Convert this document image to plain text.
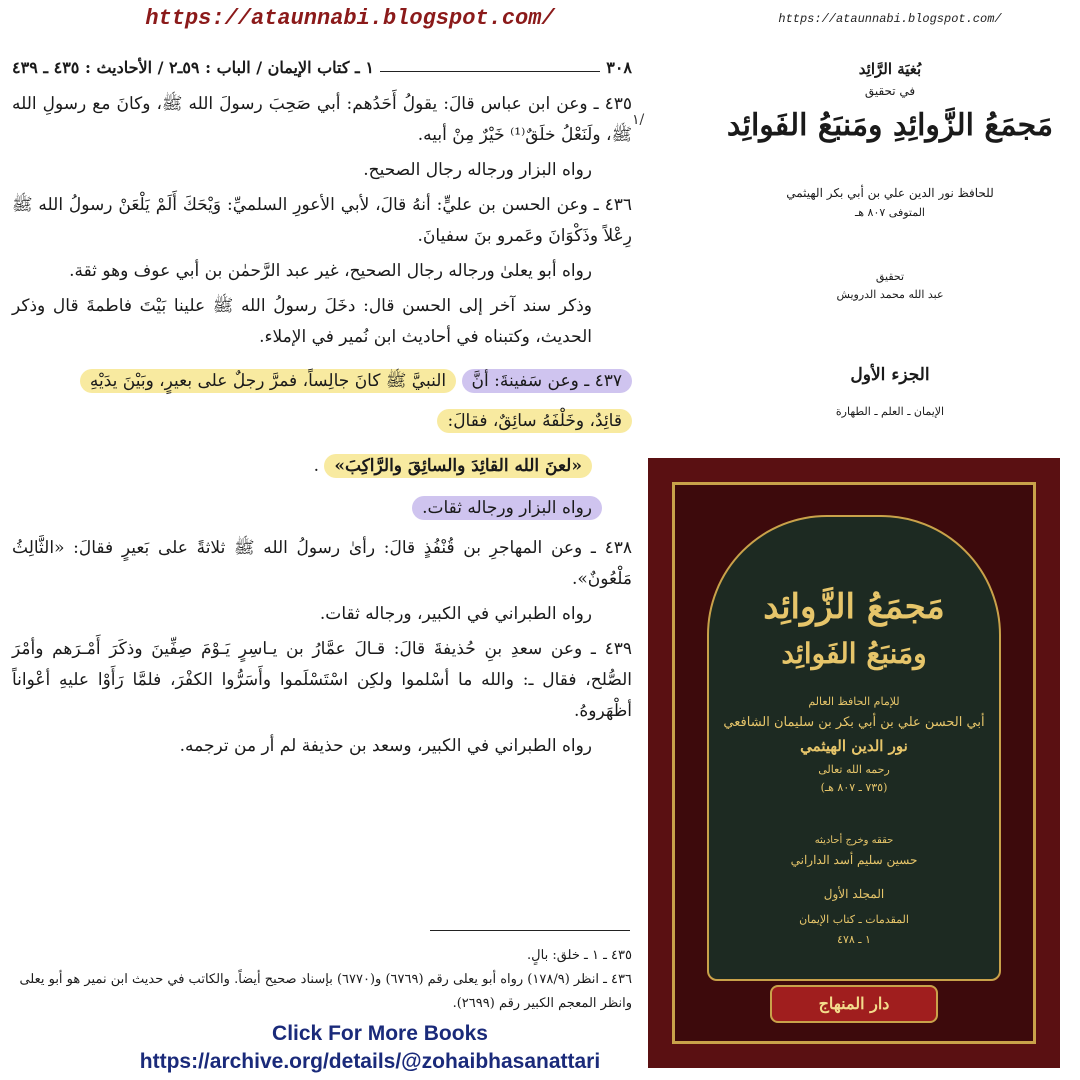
https://ataunnabi.blogspot.com/	https://ataunnabi.blogspot.com/
٣٠٨
١ ـ كتاب الإيمان / الباب : ٥٩ـ٢ / الأحاديث : ٤٣٥ ـ ٤٣٩

٤٣٥ ـ وعن ابن عباس قالَ: يقولُ أَحَدُهم: أبي صَحِبَ رسولَ الله ﷺ، وكانَ مع رسولِ الله ﷺ، ولَنَعْلُ خلَقٌ⁽¹⁾ خَيْرٌ مِنْ أبيه.

رواه البزار ورجاله رجال الصحيح.

٤٣٦ ـ وعن الحسن بن عليٍّ: أنهُ قالَ، لأبي الأعورِ السلميِّ: وَيْحَكَ أَلَمْ يَلْعَنْ رسولُ الله ﷺ رِعْلاً وذَكْوَانَ وعَمرو بنَ سفيانَ.

رواه أبو يعلىٰ ورجاله رجال الصحيح، غير عبد الرَّحمٰن بن أبي عوف وهو ثقة.

وذكر سند آخر إلى الحسن قال: دخَلَ رسولُ الله ﷺ علينا بَيْتَ فاطمةَ قال وذكر الحديث، وكتبناه في أحاديث ابن نُمير في الإملاء.

٤٣٧ ـ وعن سَفينةَ: أنَّ النبيَّ ﷺ كانَ جالِساً، فمرَّ رجلٌ على بعيرٍ، وبَيْنَ يدَيْهِ
قائِدٌ، وخَلْفَهُ سائِقٌ، فقالَ:

«لعنَ الله القائِدَ والسائِقَ والرَّاكِبَ» .

رواه البزار ورجاله ثقات.

٤٣٨ ـ وعن المهاجرِ بن قُنْفُذٍ قالَ: رأىٰ رسولُ الله ﷺ ثلاثةً على بَعيرٍ فقالَ: «الثَّالِثُ مَلْعُونٌ».

رواه الطبراني في الكبير، ورجاله ثقات.

٤٣٩ ـ وعن سعدِ بنِ حُذيفةَ قالَ: قـالَ عمَّارُ بن يـاسِرٍ يَـوْمَ صِفِّينَ وذكَرَ أَمْـرَهم وأمْرَ الصُّلح، فقال ـ: والله ما أسْلموا ولكِن اسْتَسْلَموا وأَسَرُّوا الكفْرَ، فلمَّا رَأَوْا عليهِ أعْواناً أظْهَروهُ.

رواه الطبراني في الكبير، وسعد بن حذيفة لم أر من ترجمه.

١/
٤٣٥ ـ ١ ـ خلق: بالٍ.
٤٣٦ ـ انظر (١٧٨/٩) رواه أبو يعلى رقم (٦٧٦٩) و(٦٧٧٠) بإسناد صحيح أيضاً. والكاتب في حديث ابن نمير هو أبو يعلى وانظر المعجم الكبير رقم (٢٦٩٩).
Click For More Books
https://archive.org/details/@zohaibhasanattari
بُغيَة الرَّائِد
في تحقيق
مَجمَعُ الزَّوائِدِ ومَنبَعُ الفَوائِد
للحافظ نور الدين علي بن أبي بكر الهيثمي
المتوفى ٨٠٧ هـ
تحقيق
عبد الله محمد الدرويش
الجزء الأول
الإيمان ـ العلم ـ الطهارة
مَجمَعُ الزَّوائِد
ومَنبَعُ الفَوائِد
للإمام الحافظ العالم
أبي الحسن علي بن أبي بكر بن سليمان الشافعي
نور الدين الهيثمي
رحمه الله تعالى
(٧٣٥ ـ ٨٠٧ هـ)
حققه وخرج أحاديثه
حسين سليم أسد الداراني
المجلد الأول
المقدمات ـ كتاب الإيمان
١ ـ ٤٧٨
دار المنهاج
